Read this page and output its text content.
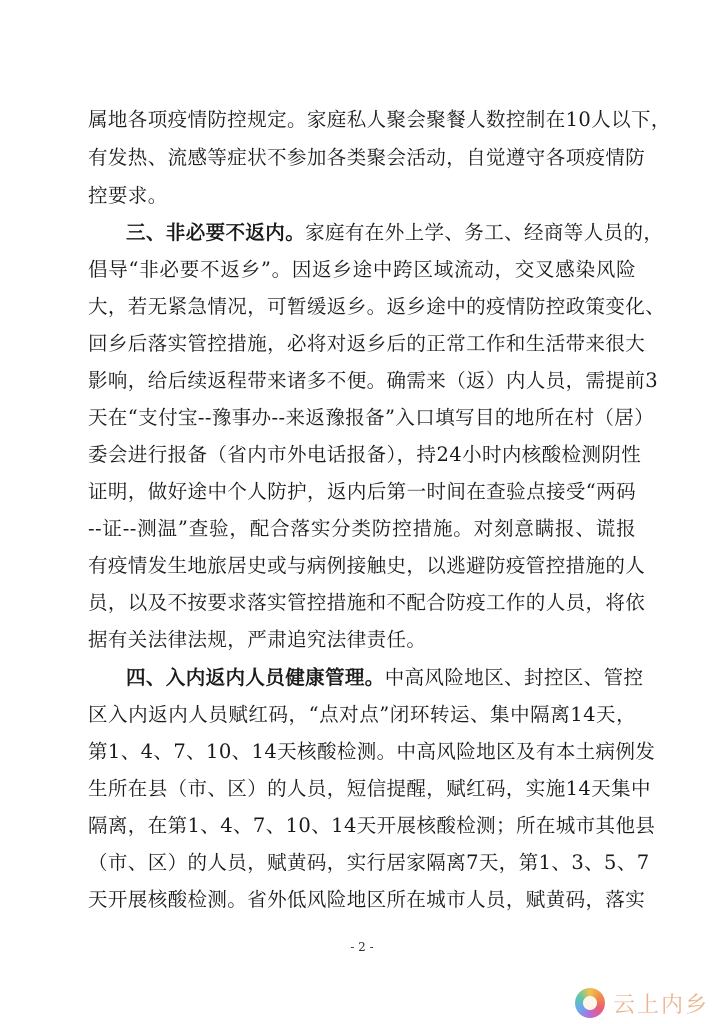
属地各项疫情防控规定。家庭私人聚会聚餐人数控制在10人以下，
有发热、流感等症状不参加各类聚会活动，自觉遵守各项疫情防
控要求。
三、非必要不返内。家庭有在外上学、务工、经商等人员的，
倡导“非必要不返乡”。因返乡途中跨区域流动，交叉感染风险
大，若无紧急情况，可暂缓返乡。返乡途中的疫情防控政策变化、
回乡后落实管控措施，必将对返乡后的正常工作和生活带来很大
影响，给后续返程带来诸多不便。确需来（返）内人员，需提前3
天在“支付宝--豫事办--来返豫报备”入口填写目的地所在村（居）
委会进行报备（省内市外电话报备），持24小时内核酸检测阴性
证明，做好途中个人防护，返内后第一时间在查验点接受“两码
--证--测温”查验，配合落实分类防控措施。对刻意瞒报、谎报
有疫情发生地旅居史或与病例接触史，以逃避防疫管控措施的人
员，以及不按要求落实管控措施和不配合防疫工作的人员，将依
据有关法律法规，严肃追究法律责任。
四、入内返内人员健康管理。中高风险地区、封控区、管控
区入内返内人员赋红码，“点对点”闭环转运、集中隔离14天，
第1、4、7、10、14天核酸检测。中高风险地区及有本土病例发
生所在县（市、区）的人员，短信提醒，赋红码，实施14天集中
隔离，在第1、4、7、10、14天开展核酸检测；所在城市其他县
（市、区）的人员，赋黄码，实行居家隔离7天，第1、3、5、7
天开展核酸检测。省外低风险地区所在城市人员，赋黄码，落实
- 2 -
云上内乡
